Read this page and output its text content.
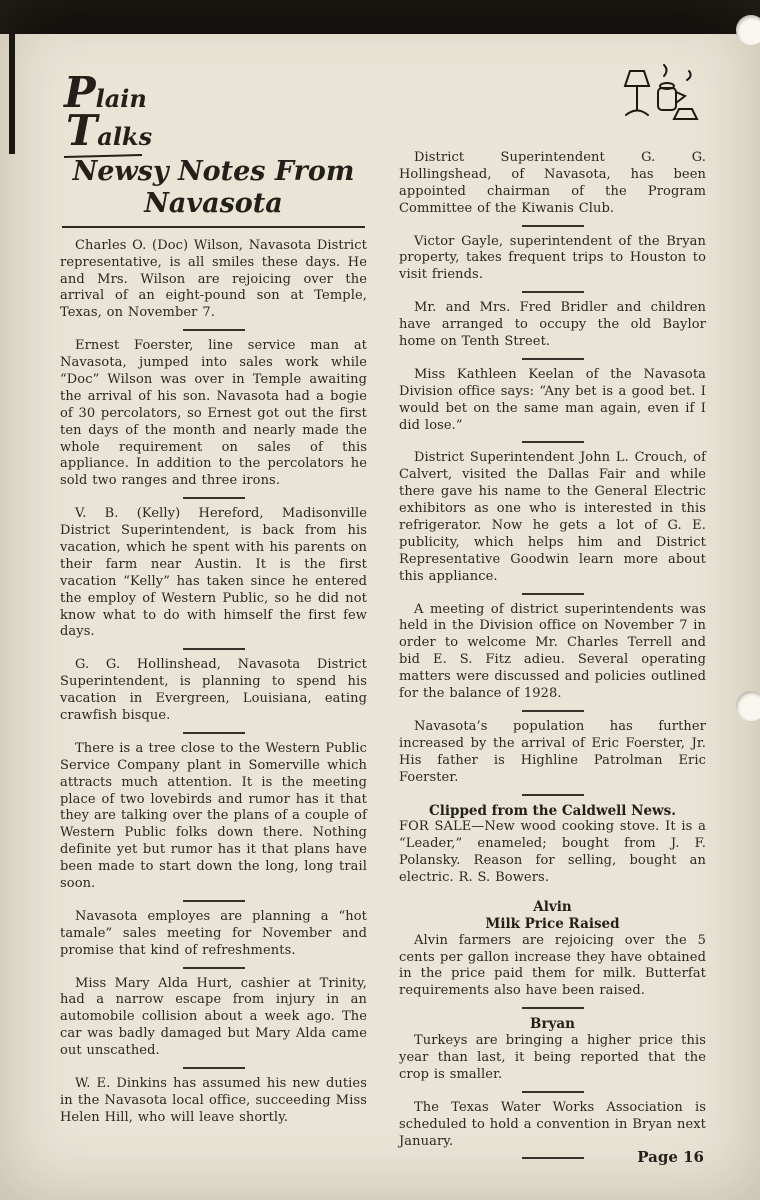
Plain
Talks
Newsy Notes From
Navasota

Charles O. (Doc) Wilson, Navasota District representative, is all smiles these days. He and Mrs. Wilson are rejoicing over the arrival of an eight-pound son at Temple, Texas, on November 7.

Ernest Foerster, line service man at Navasota, jumped into sales work while “Doc” Wilson was over in Temple awaiting the arrival of his son. Navasota had a bogie of 30 percolators, so Ernest got out the first ten days of the month and nearly made the whole requirement on sales of this appliance. In addition to the percolators he sold two ranges and three irons.

V. B. (Kelly) Hereford, Madisonville District Superintendent, is back from his vacation, which he spent with his parents on their farm near Austin. It is the first vacation “Kelly” has taken since he entered the employ of Western Public, so he did not know what to do with himself the first few days.

G. G. Hollinshead, Navasota District Superintendent, is planning to spend his vacation in Evergreen, Louisiana, eating crawfish bisque.

There is a tree close to the Western Public Service Company plant in Somerville which attracts much attention. It is the meeting place of two lovebirds and rumor has it that they are talking over the plans of a couple of Western Public folks down there. Nothing definite yet but rumor has it that plans have been made to start down the long, long trail soon.

Navasota employes are planning a “hot tamale” sales meeting for November and promise that kind of refreshments.

Miss Mary Alda Hurt, cashier at Trinity, had a narrow escape from injury in an automobile collision about a week ago. The car was badly damaged but Mary Alda came out unscathed.

W. E. Dinkins has assumed his new duties in the Navasota local office, succeeding Miss Helen Hill, who will leave shortly.

District Superintendent G. G. Hollingshead, of Navasota, has been appointed chairman of the Program Committee of the Kiwanis Club.

Victor Gayle, superintendent of the Bryan property, takes frequent trips to Houston to visit friends.

Mr. and Mrs. Fred Bridler and children have arranged to occupy the old Baylor home on Tenth Street.

Miss Kathleen Keelan of the Navasota Division office says: “Any bet is a good bet. I would bet on the same man again, even if I did lose.”

District Superintendent John L. Crouch, of Calvert, visited the Dallas Fair and while there gave his name to the General Electric exhibitors as one who is interested in this refrigerator. Now he gets a lot of G. E. publicity, which helps him and District Representative Goodwin learn more about this appliance.

A meeting of district superintendents was held in the Division office on November 7 in order to welcome Mr. Charles Terrell and bid E. S. Fitz adieu. Several operating matters were discussed and policies outlined for the balance of 1928.

Navasota’s population has further increased by the arrival of Eric Foerster, Jr. His father is Highline Patrolman Eric Foerster.

Clipped from the Caldwell News.

FOR SALE—New wood cooking stove. It is a “Leader,” enameled; bought from J. F. Polansky. Reason for selling, bought an electric. R. S. Bowers.

Alvin
Milk Price Raised

Alvin farmers are rejoicing over the 5 cents per gallon increase they have obtained in the price paid them for milk. Butterfat requirements also have been raised.

Bryan

Turkeys are bringing a higher price this year than last, it being reported that the crop is smaller.

The Texas Water Works Association is scheduled to hold a convention in Bryan next January.

Page 16
